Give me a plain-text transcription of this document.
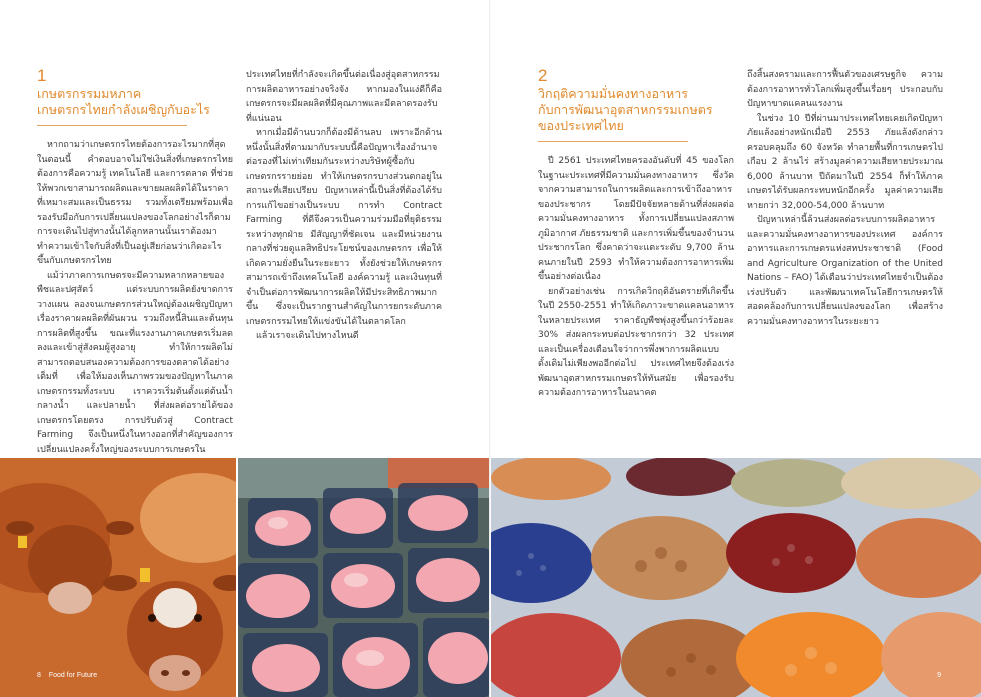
1
เกษตรกรรมมหภาค
เกษตรกรไทยกำลังเผชิญกับอะไร

หากถามว่าเกษตรกรไทยต้องการอะไรมากที่สุดในตอนนี้ คำตอบอาจไม่ใช่เงินสิ่งที่เกษตรกรไทยต้องการคือความรู้ เทคโนโลยี และการตลาด ที่ช่วยให้พวกเขาสามารถผลิตและขายผลผลิตได้ในราคาที่เหมาะสมและเป็นธรรม รวมทั้งเตรียมพร้อมเพื่อรองรับมือกับการเปลี่ยนแปลงของโลกอย่างไรก็ตามการจะเดินไปสู่ทางนั้นได้ลูกหลานนั้นเราต้องมาทำความเข้าใจกับสิ่งที่เป็นอยู่เสียก่อนว่าเกิดอะไรขึ้นกับเกษตรกรไทย

แม้ว่าภาคการเกษตรจะมีความหลากหลายของพืชและปศุสัตว์ แต่ระบบการผลิตยังขาดการวางแผน ลองจนเกษตรกรส่วนใหญ่ต้องเผชิญปัญหาเรื่องราคาผลผลิตที่ผันผวน รวมถึงหนี้สินและต้นทุนการผลิตที่สูงขึ้น ขณะที่แรงงานภาคเกษตรเริ่มลดลงและเข้าสู่สังคมผู้สูงอายุ ทำให้การผลิตไม่สามารถตอบสนองความต้องการของตลาดได้อย่างเต็มที่ เพื่อให้มองเห็นภาพรวมของปัญหาในภาคเกษตรกรรมทั้งระบบ เราควรเริ่มต้นตั้งแต่ต้นน้ำ กลางน้ำ และปลายน้ำ ที่ส่งผลต่อรายได้ของเกษตรกรโดยตรง การปรับตัวสู่ Contract Farming จึงเป็นหนึ่งในทางออกที่สำคัญของการเปลี่ยนแปลงครั้งใหญ่ของระบบการเกษตรใน

ประเทศไทยที่กำลังจะเกิดขึ้นต่อเนื่องสู่อุตสาหกรรมการผลิตอาหารอย่างจริงจัง หากมองในแง่ดีก็คือเกษตรกรจะมีผลผลิตที่มีคุณภาพและมีตลาดรองรับที่แน่นอน

หากเมื่อมีด้านบวกก็ต้องมีด้านลบ เพราะอีกด้านหนึ่งนั้นสิ่งที่ตามมากับระบบนี้คือปัญหาเรื่องอำนาจต่อรองที่ไม่เท่าเทียมกันระหว่างบริษัทผู้ซื้อกับเกษตรกรรายย่อย ทำให้เกษตรกรบางส่วนตกอยู่ในสถานะที่เสียเปรียบ ปัญหาเหล่านี้เป็นสิ่งที่ต้องได้รับการแก้ไขอย่างเป็นระบบ การทำ Contract Farming ที่ดีจึงควรเป็นความร่วมมือที่ยุติธรรมระหว่างทุกฝ่าย มีสัญญาที่ชัดเจน และมีหน่วยงานกลางที่ช่วยดูแลสิทธิประโยชน์ของเกษตรกร เพื่อให้เกิดความยั่งยืนในระยะยาว ทั้งยังช่วยให้เกษตรกรสามารถเข้าถึงเทคโนโลยี องค์ความรู้ และเงินทุนที่จำเป็นต่อการพัฒนาการผลิตให้มีประสิทธิภาพมากขึ้น ซึ่งจะเป็นรากฐานสำคัญในการยกระดับภาคเกษตรกรรมไทยให้แข่งขันได้ในตลาดโลก

แล้วเราจะเดินไปทางไหนดี

8 Food for Future
2
วิกฤติความมั่นคงทางอาหาร
กับการพัฒนาอุตสาหกรรมเกษตร
ของประเทศไทย

ปี 2561 ประเทศไทยครองอันดับที่ 45 ของโลกในฐานะประเทศที่มีความมั่นคงทางอาหาร ซึ่งวัดจากความสามารถในการผลิตและการเข้าถึงอาหารของประชากร โดยมีปัจจัยหลายด้านที่ส่งผลต่อความมั่นคงทางอาหาร ทั้งการเปลี่ยนแปลงสภาพภูมิอากาศ ภัยธรรมชาติ และการเพิ่มขึ้นของจำนวนประชากรโลก ซึ่งคาดว่าจะแตะระดับ 9,700 ล้านคนภายในปี 2593 ทำให้ความต้องการอาหารเพิ่มขึ้นอย่างต่อเนื่อง

ยกตัวอย่างเช่น การเกิดวิกฤติอันตรายที่เกิดขึ้นในปี 2550-2551 ทำให้เกิดภาวะขาดแคลนอาหารในหลายประเทศ ราคาธัญพืชพุ่งสูงขึ้นกว่าร้อยละ 30% ส่งผลกระทบต่อประชากรกว่า 32 ประเทศ และเป็นเครื่องเตือนใจว่าการพึ่งพาการผลิตแบบดั้งเดิมไม่เพียงพออีกต่อไป ประเทศไทยจึงต้องเร่งพัฒนาอุตสาหกรรมเกษตรให้ทันสมัย เพื่อรองรับความต้องการอาหารในอนาคต

ถึงสิ้นสงครามและการฟื้นตัวของเศรษฐกิจ ความต้องการอาหารทั่วโลกเพิ่มสูงขึ้นเรื่อยๆ ประกอบกับปัญหาขาดแคลนแรงงาน

ในช่วง 10 ปีที่ผ่านมาประเทศไทยเคยเกิดปัญหาภัยแล้งอย่างหนักเมื่อปี 2553 ภัยแล้งดังกล่าวครอบคลุมถึง 60 จังหวัด ทำลายพื้นที่การเกษตรไปเกือบ 2 ล้านไร่ สร้างมูลค่าความเสียหายประมาณ 6,000 ล้านบาท ปีถัดมาในปี 2554 ก็ทำให้ภาคเกษตรได้รับผลกระทบหนักอีกครั้ง มูลค่าความเสียหายกว่า 32,000-54,000 ล้านบาท

ปัญหาเหล่านี้ล้วนส่งผลต่อระบบการผลิตอาหารและความมั่นคงทางอาหารของประเทศ องค์การอาหารและการเกษตรแห่งสหประชาชาติ (Food and Agriculture Organization of the United Nations – FAO) ได้เตือนว่าประเทศไทยจำเป็นต้องเร่งปรับตัว และพัฒนาเทคโนโลยีการเกษตรให้สอดคล้องกับการเปลี่ยนแปลงของโลก เพื่อสร้างความมั่นคงทางอาหารในระยะยาว

9
